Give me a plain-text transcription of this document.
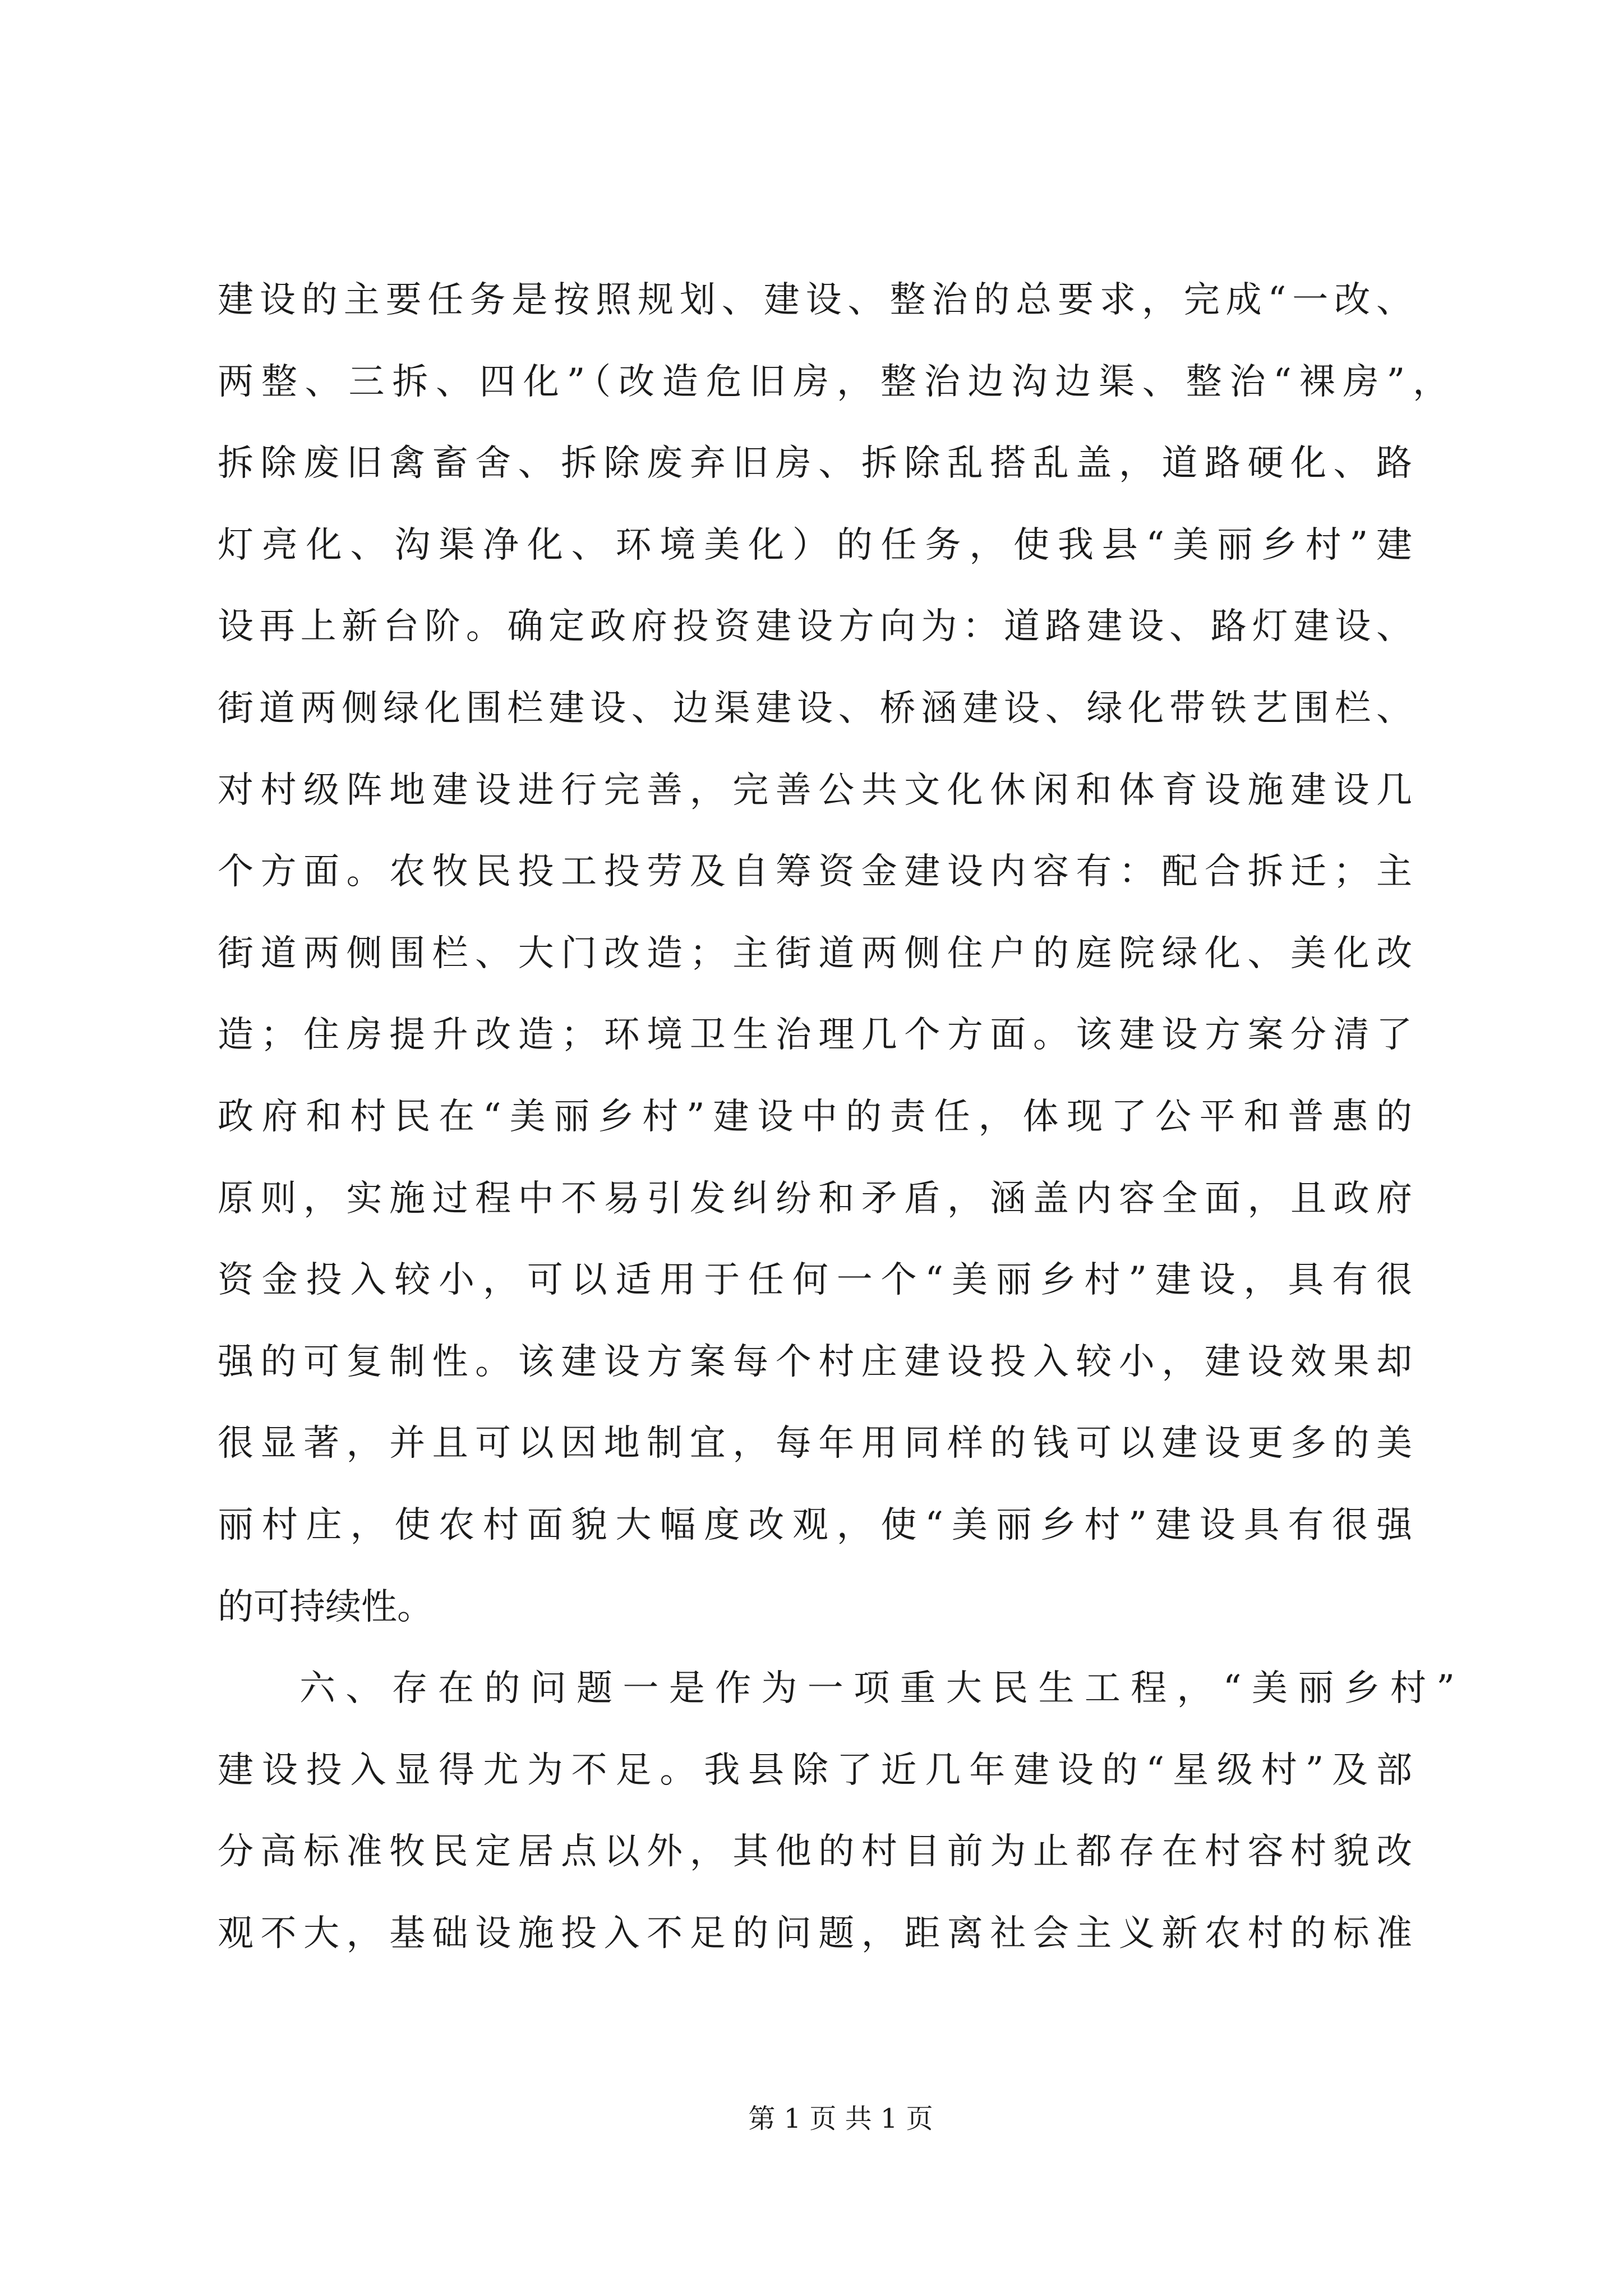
建设的主要任务是按照规划、建设、整治的总要求，完成“一改、
两整、三拆、四化”（改造危旧房，整治边沟边渠、整治“裸房”，
拆除废旧禽畜舍、拆除废弃旧房、拆除乱搭乱盖，道路硬化、路
灯亮化、沟渠净化、环境美化）的任务，使我县“美丽乡村”建
设再上新台阶。确定政府投资建设方向为：道路建设、路灯建设、
街道两侧绿化围栏建设、边渠建设、桥涵建设、绿化带铁艺围栏、
对村级阵地建设进行完善，完善公共文化休闲和体育设施建设几
个方面。农牧民投工投劳及自筹资金建设内容有：配合拆迁；主
街道两侧围栏、大门改造；主街道两侧住户的庭院绿化、美化改
造；住房提升改造；环境卫生治理几个方面。该建设方案分清了
政府和村民在“美丽乡村”建设中的责任，体现了公平和普惠的
原则，实施过程中不易引发纠纷和矛盾，涵盖内容全面，且政府
资金投入较小，可以适用于任何一个“美丽乡村”建设，具有很
强的可复制性。该建设方案每个村庄建设投入较小，建设效果却
很显著，并且可以因地制宜，每年用同样的钱可以建设更多的美
丽村庄，使农村面貌大幅度改观，使“美丽乡村”建设具有很强
的可持续性。
六、存在的问题一是作为一项重大民生工程，“美丽乡村”
建设投入显得尤为不足。我县除了近几年建设的“星级村”及部
分高标准牧民定居点以外，其他的村目前为止都存在村容村貌改
观不大，基础设施投入不足的问题，距离社会主义新农村的标准
第 1 页 共 1 页
